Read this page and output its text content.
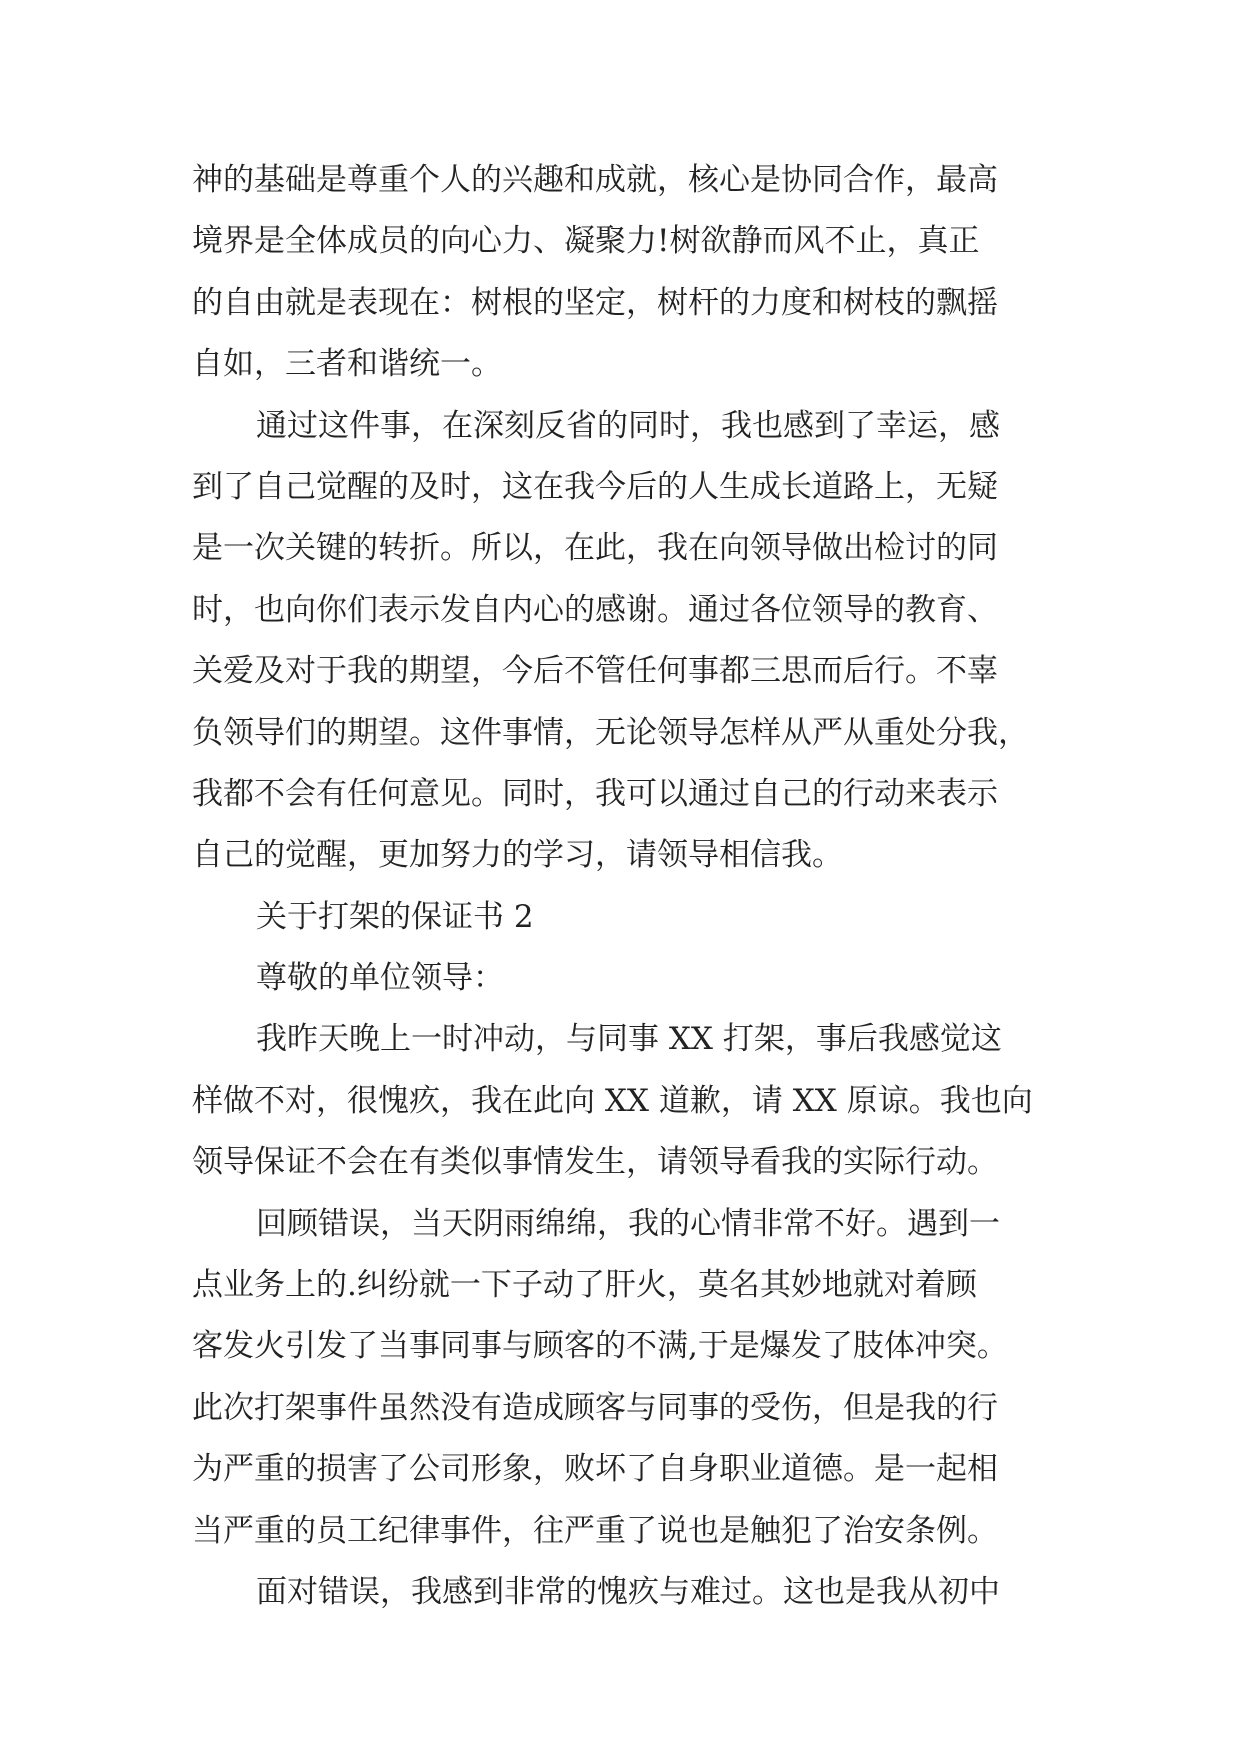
神的基础是尊重个人的兴趣和成就，核心是协同合作，最高
境界是全体成员的向心力、凝聚力!树欲静而风不止，真正
的自由就是表现在：树根的坚定，树杆的力度和树枝的飘摇
自如，三者和谐统一。
通过这件事，在深刻反省的同时，我也感到了幸运，感
到了自己觉醒的及时，这在我今后的人生成长道路上，无疑
是一次关键的转折。所以，在此，我在向领导做出检讨的同
时，也向你们表示发自内心的感谢。通过各位领导的教育、
关爱及对于我的期望，今后不管任何事都三思而后行。不辜
负领导们的期望。这件事情，无论领导怎样从严从重处分我，
我都不会有任何意见。同时，我可以通过自己的行动来表示
自己的觉醒，更加努力的学习，请领导相信我。
关于打架的保证书 2
尊敬的单位领导：
我昨天晚上一时冲动，与同事 XX 打架，事后我感觉这
样做不对，很愧疚，我在此向 XX 道歉，请 XX 原谅。我也向
领导保证不会在有类似事情发生，请领导看我的实际行动。
回顾错误，当天阴雨绵绵，我的心情非常不好。遇到一
点业务上的.纠纷就一下子动了肝火，莫名其妙地就对着顾
客发火引发了当事同事与顾客的不满,于是爆发了肢体冲突。
此次打架事件虽然没有造成顾客与同事的受伤，但是我的行
为严重的损害了公司形象，败坏了自身职业道德。是一起相
当严重的员工纪律事件，往严重了说也是触犯了治安条例。
面对错误，我感到非常的愧疚与难过。这也是我从初中
